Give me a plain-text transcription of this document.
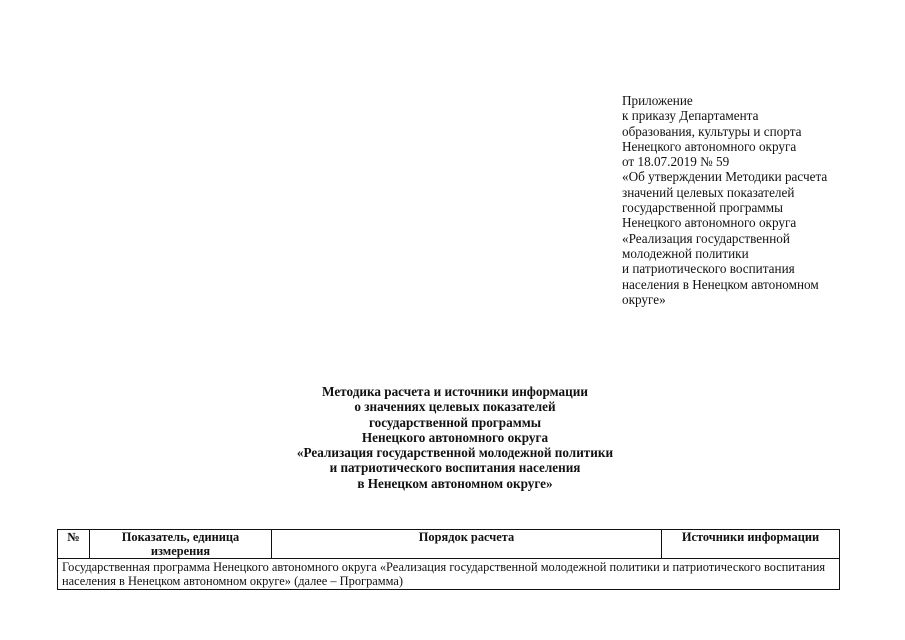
Приложение
к приказу Департамента
образования, культуры и спорта
Ненецкого автономного округа
от 18.07.2019 № 59
«Об утверждении Методики расчета
значений целевых показателей
государственной программы
Ненецкого автономного округа
«Реализация государственной
молодежной политики
и патриотического воспитания
населения в Ненецком автономном
округе»
Методика расчета и источники информации
о значениях целевых показателей
государственной программы
Ненецкого автономного округа
«Реализация государственной молодежной политики
и патриотического воспитания населения
в Ненецком автономном округе»
№	Показатель, единица измерения	Порядок расчета	Источники информации
Государственная программа Ненецкого автономного округа «Реализация государственной молодежной политики и патриотического воспитания населения в Ненецком автономном округе» (далее – Программа)
